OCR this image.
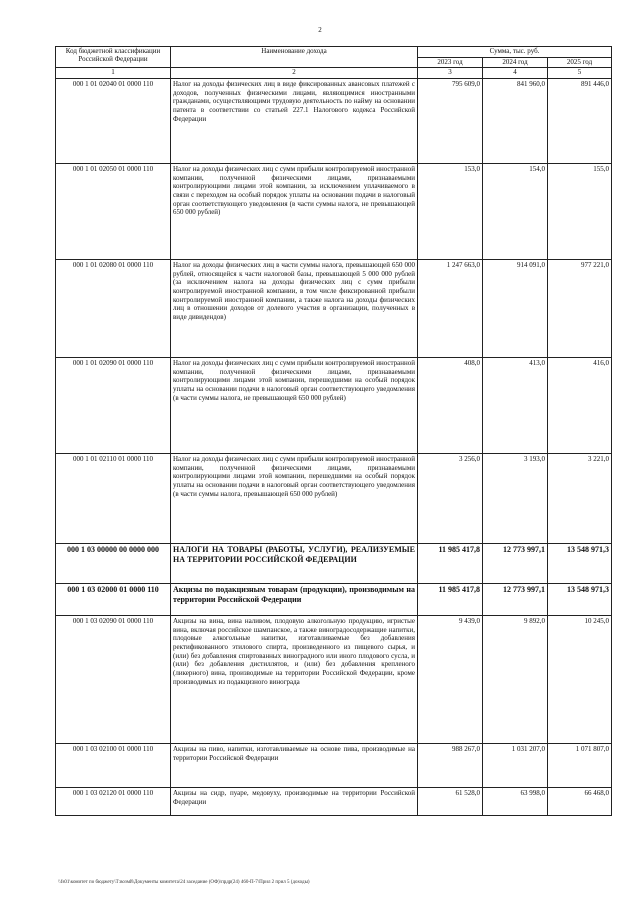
2
Код бюджетной классификации Российской Федерации	Наименование дохода	Сумма, тыс. руб.		
		2023 год	2024 год	2025 год
1	2	3	4	5
000 1 01 02040 01 0000 110	Налог на доходы физических лиц в виде фиксированных авансовых платежей с доходов, полученных физическими лицами, являющимися иностранными гражданами, осуществляющими трудовую деятельность по найму на основании патента в соответствии со статьей 227.1 Налогового кодекса Российской Федерации	795 609,0	841 960,0	891 446,0
000 1 01 02050 01 0000 110	Налог на доходы физических лиц с сумм прибыли контролируемой иностранной компании, полученной физическими лицами, признаваемыми контролирующими лицами этой компании, за исключением уплачиваемого в связи с переходом на особый порядок уплаты на основании подачи в налоговый орган соответствующего уведомления (в части суммы налога, не превышающей 650 000 рублей)	153,0	154,0	155,0
000 1 01 02080 01 0000 110	Налог на доходы физических лиц в части суммы налога, превышающей 650 000 рублей, относящейся к части налоговой базы, превышающей 5 000 000 рублей (за исключением налога на доходы физических лиц с сумм прибыли контролируемой иностранной компании, в том числе фиксированной прибыли контролируемой иностранной компании, а также налога на доходы физических лиц в отношении доходов от долевого участия в организации, полученных в виде дивидендов)	1 247 663,0	914 091,0	977 221,0
000 1 01 02090 01 0000 110	Налог на доходы физических лиц с сумм прибыли контролируемой иностранной компании, полученной физическими лицами, признаваемыми контролирующими лицами этой компании, перешедшими на особый порядок уплаты на основании подачи в налоговый орган соответствующего уведомления (в части суммы налога, не превышающей 650 000 рублей)	408,0	413,0	416,0
000 1 01 02110 01 0000 110	Налог на доходы физических лиц с сумм прибыли контролируемой иностранной компании, полученной физическими лицами, признаваемыми контролирующими лицами этой компании, перешедшими на особый порядок уплаты на основании подачи в налоговый орган соответствующего уведомления (в части суммы налога, превышающей 650 000 рублей)	3 256,0	3 193,0	3 221,0
000 1 03 00000 00 0000 000	НАЛОГИ НА ТОВАРЫ (РАБОТЫ, УСЛУГИ), РЕАЛИЗУЕМЫЕ НА ТЕРРИТОРИИ РОССИЙСКОЙ ФЕДЕРАЦИИ	11 985 417,8	12 773 997,1	13 548 971,3
000 1 03 02000 01 0000 110	Акцизы по подакцизным товарам (продукции), производимым на территории Российской Федерации	11 985 417,8	12 773 997,1	13 548 971,3
000 1 03 02090 01 0000 110	Акцизы на вина, вина наливом, плодовую алкогольную продукцию, игристые вина, включая российское шампанское, а также виноградосодержащие напитки, плодовые алкогольные напитки, изготавливаемые без добавления ректификованного этилового спирта, произведенного из пищевого сырья, и (или) без добавления спиртованных виноградного или иного плодового сусла, и (или) без добавления дистиллятов, и (или) без добавления крепленого (ликерного) вина, производимые на территории Российской Федерации, кроме производимых из подакцизного винограда	9 439,0	9 892,0	10 245,0
000 1 03 02100 01 0000 110	Акцизы на пиво, напитки, изготавливаемые на основе пива, производимые на территории Российской Федерации	988 267,0	1 031 207,0	1 071 807,0
000 1 03 02120 01 0000 110	Акцизы на сидр, пуаре, медовуху, производимые на территории Российской Федерации	61 528,0	63 998,0	66 468,0
\\fs01\комитет по бюджету\Т:возмй\Документы комитета\24 заседание (ОФ)\прдр(24) 460-П-7\Прил 2 прил 5 (доходы)
